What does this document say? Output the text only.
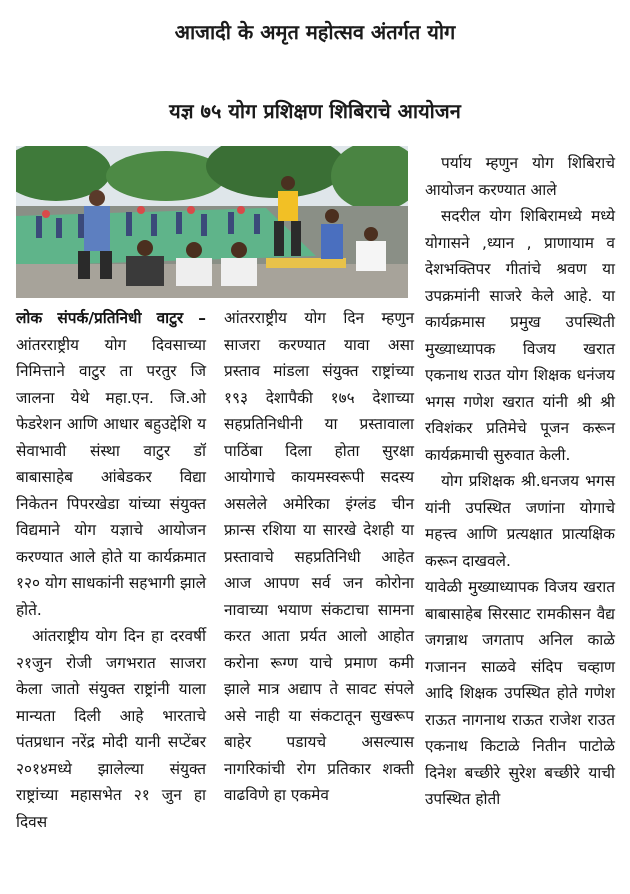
आजादी के अमृत महोत्सव अंतर्गत योग
यज्ञ ७५ योग प्रशिक्षण शिबिराचे आयोजन

लोक संपर्क/प्रतिनिधी वाटुर – आंतरराष्ट्रीय योग दिवसाच्या निमित्ताने वाटुर ता परतुर जि जालना येथे महा.एन. जि.ओ फेडरेशन आणि आधार बहुउद्देशि य सेवाभावी संस्था वाटुर डॉ बाबासाहेब आंबेडकर विद्या निकेतन पिपरखेडा यांच्या संयुक्त विद्यमाने योग यज्ञाचे आयोजन करण्यात आले होते या कार्यक्रमात १२० योग साधकांनी सहभागी झाले होते.

आंतराष्ट्रीय योग दिन हा दरवर्षी २१जुन रोजी जगभरात साजरा केला जातो संयुक्त राष्ट्रांनी याला मान्यता दिली आहे भारताचे पंतप्रधान नरेंद्र मोदी यानी सप्टेंबर २०१४मध्ये झालेल्या संयुक्त राष्ट्रांच्या महासभेत २१ जुन हा दिवस

आंतरराष्ट्रीय योग दिन म्हणुन साजरा करण्यात यावा असा प्रस्ताव मांडला संयुक्त राष्ट्रांच्या १९३ देशापैकी १७५ देशाच्या सहप्रतिनिधीनी या प्रस्तावाला पाठिंबा दिला होता सुरक्षा आयोगाचे कायमस्वरूपी सदस्य असलेले अमेरिका इंग्लंड चीन फ्रान्स रशिया या सारखे देशही या प्रस्तावाचे सहप्रतिनिधी आहेत आज आपण सर्व जन कोरोना नावाच्या भयाण संकटाचा सामना करत आता प्रर्यत आलो आहोत करोना रूग्ण याचे प्रमाण कमी झाले मात्र अद्याप ते सावट संपले असे नाही या संकटातून सुखरूप बाहेर पडायचे असल्यास नागरिकांची रोग प्रतिकार शक्ती वाढविणे हा एकमेव

पर्याय म्हणुन योग शिबिराचे आयोजन करण्यात आले

सदरील योग शिबिरामध्ये मध्ये योगासने ,ध्यान , प्राणायाम व देशभक्तिपर गीतांचे श्रवण या उपक्रमांनी साजरे केले आहे. या कार्यक्रमास प्रमुख उपस्थिती मुख्याध्यापक विजय खरात एकनाथ राउत योग शिक्षक धनंजय भगस गणेश खरात यांनी श्री श्री रविशंकर प्रतिमेचे पूजन करून कार्यक्रमाची सुरुवात केली.

योग प्रशिक्षक श्री.धनजय भगस यांनी उपस्थित जणांना योगाचे महत्त्व आणि प्रत्यक्षात प्रात्यक्षिक करून दाखवले.

यावेळी मुख्याध्यापक विजय खरात बाबासाहेब सिरसाट रामकीसन वैद्य जगन्नाथ जगताप अनिल काळे गजानन साळवे संदिप चव्हाण आदि शिक्षक उपस्थित होते गणेश राऊत नागनाथ राऊत राजेश राउत एकनाथ किटाळे नितीन पाटोळे दिनेश बच्छीरे सुरेश बच्छीरे याची उपस्थित होती
